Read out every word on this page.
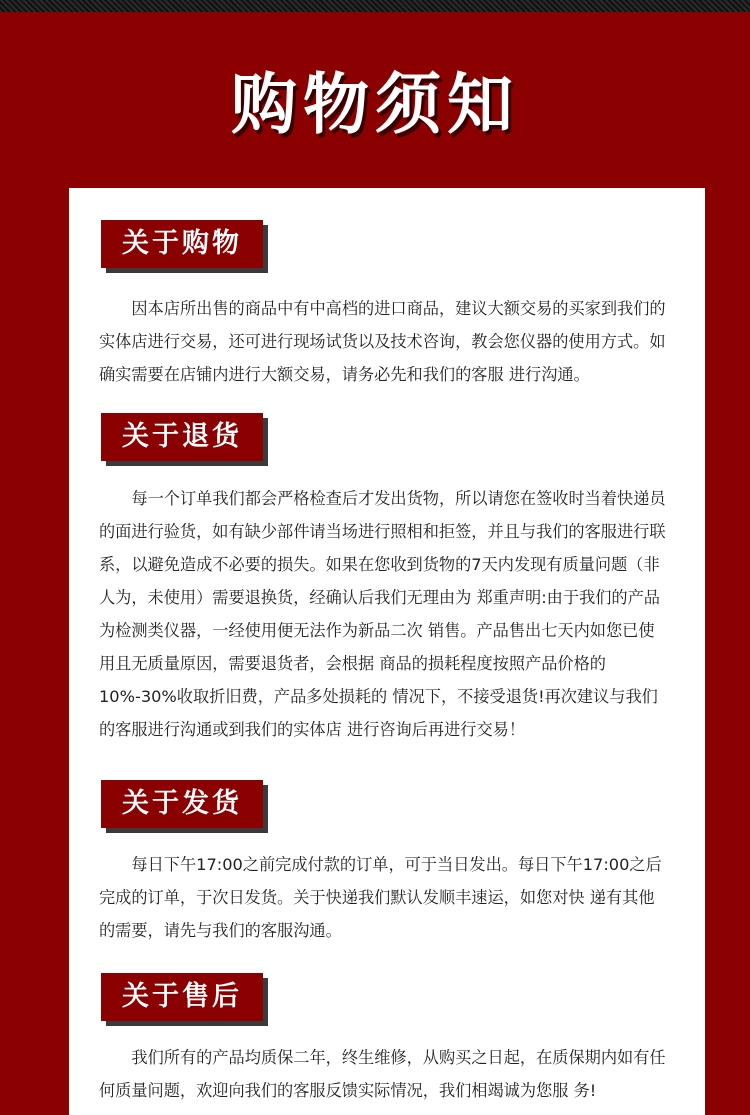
购物须知
关于购物

因本店所出售的商品中有中高档的进口商品，建议大额交易的买家到我们的实体店进行交易，还可进行现场试货以及技术咨询，教会您仪器的使用方式。如确实需要在店铺内进行大额交易，请务必先和我们的客服 进行沟通。

关于退货

每一个订单我们都会严格检查后才发出货物，所以请您在签收时当着快递员的面进行验货，如有缺少部件请当场进行照相和拒签，并且与我们的客服进行联系，以避免造成不必要的损失。如果在您收到货物的7天内发现有质量问题（非人为，未使用）需要退换货，经确认后我们无理由为 郑重声明:由于我们的产品为检测类仪器，一经使用便无法作为新品二次 销售。产品售出七天内如您已使用且无质量原因，需要退货者，会根据 商品的损耗程度按照产品价格的10%-30%收取折旧费，产品多处损耗的 情况下，不接受退货!再次建议与我们的客服进行沟通或到我们的实体店 进行咨询后再进行交易！

关于发货

每日下午17:00之前完成付款的订单，可于当日发出。每日下午17:00之后完成的订单，于次日发货。关于快递我们默认发顺丰速运，如您对快 递有其他的需要，请先与我们的客服沟通。

关于售后

我们所有的产品均质保二年，终生维修，从购买之日起，在质保期内如有任何质量问题，欢迎向我们的客服反馈实际情况，我们相竭诚为您服 务!
